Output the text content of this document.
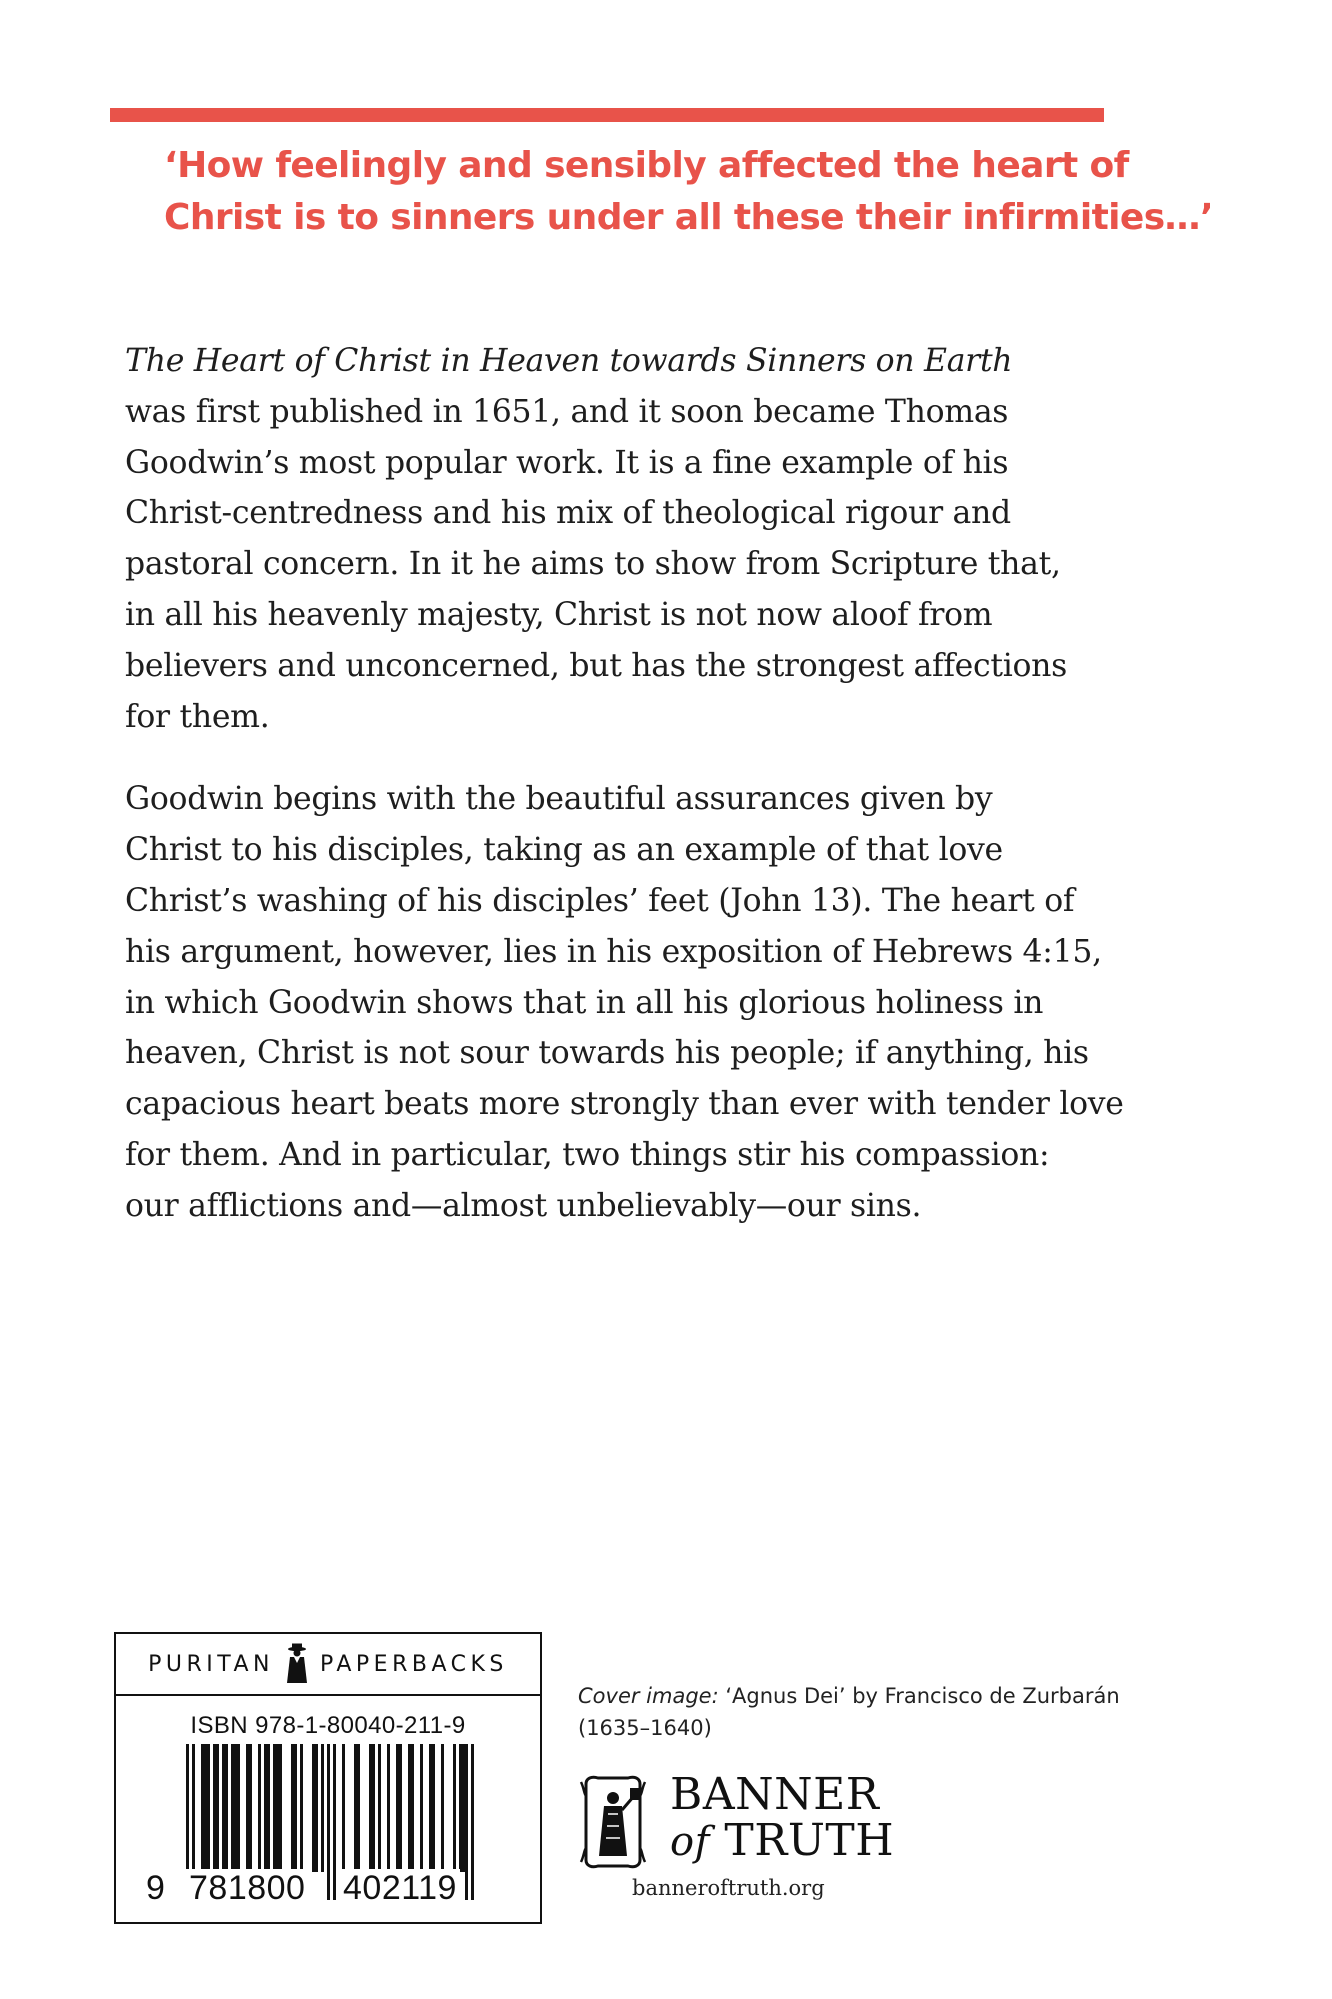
‘How feelingly and sensibly affected the heart of
Christ is to sinners under all these their infirmities…’
The Heart of Christ in Heaven towards Sinners on Earth
was first published in 1651, and it soon became Thomas
Goodwin’s most popular work. It is a fine example of his
Christ-centredness and his mix of theological rigour and
pastoral concern. In it he aims to show from Scripture that,
in all his heavenly majesty, Christ is not now aloof from
believers and unconcerned, but has the strongest affections
for them.
Goodwin begins with the beautiful assurances given by
Christ to his disciples, taking as an example of that love
Christ’s washing of his disciples’ feet (John 13). The heart of
his argument, however, lies in his exposition of Hebrews 4:15,
in which Goodwin shows that in all his glorious holiness in
heaven, Christ is not sour towards his people; if anything, his
capacious heart beats more strongly than ever with tender love
for them. And in particular, two things stir his compassion:
our afflictions and—almost unbelievably—our sins.
PURITAN PAPERBACKS
ISBN 978-1-80040-211-9
9 781800 402119
Cover image: ‘Agnus Dei’ by Francisco de Zurbarán
(1635–1640)
BANNER
of TRUTH
banneroftruth.org
